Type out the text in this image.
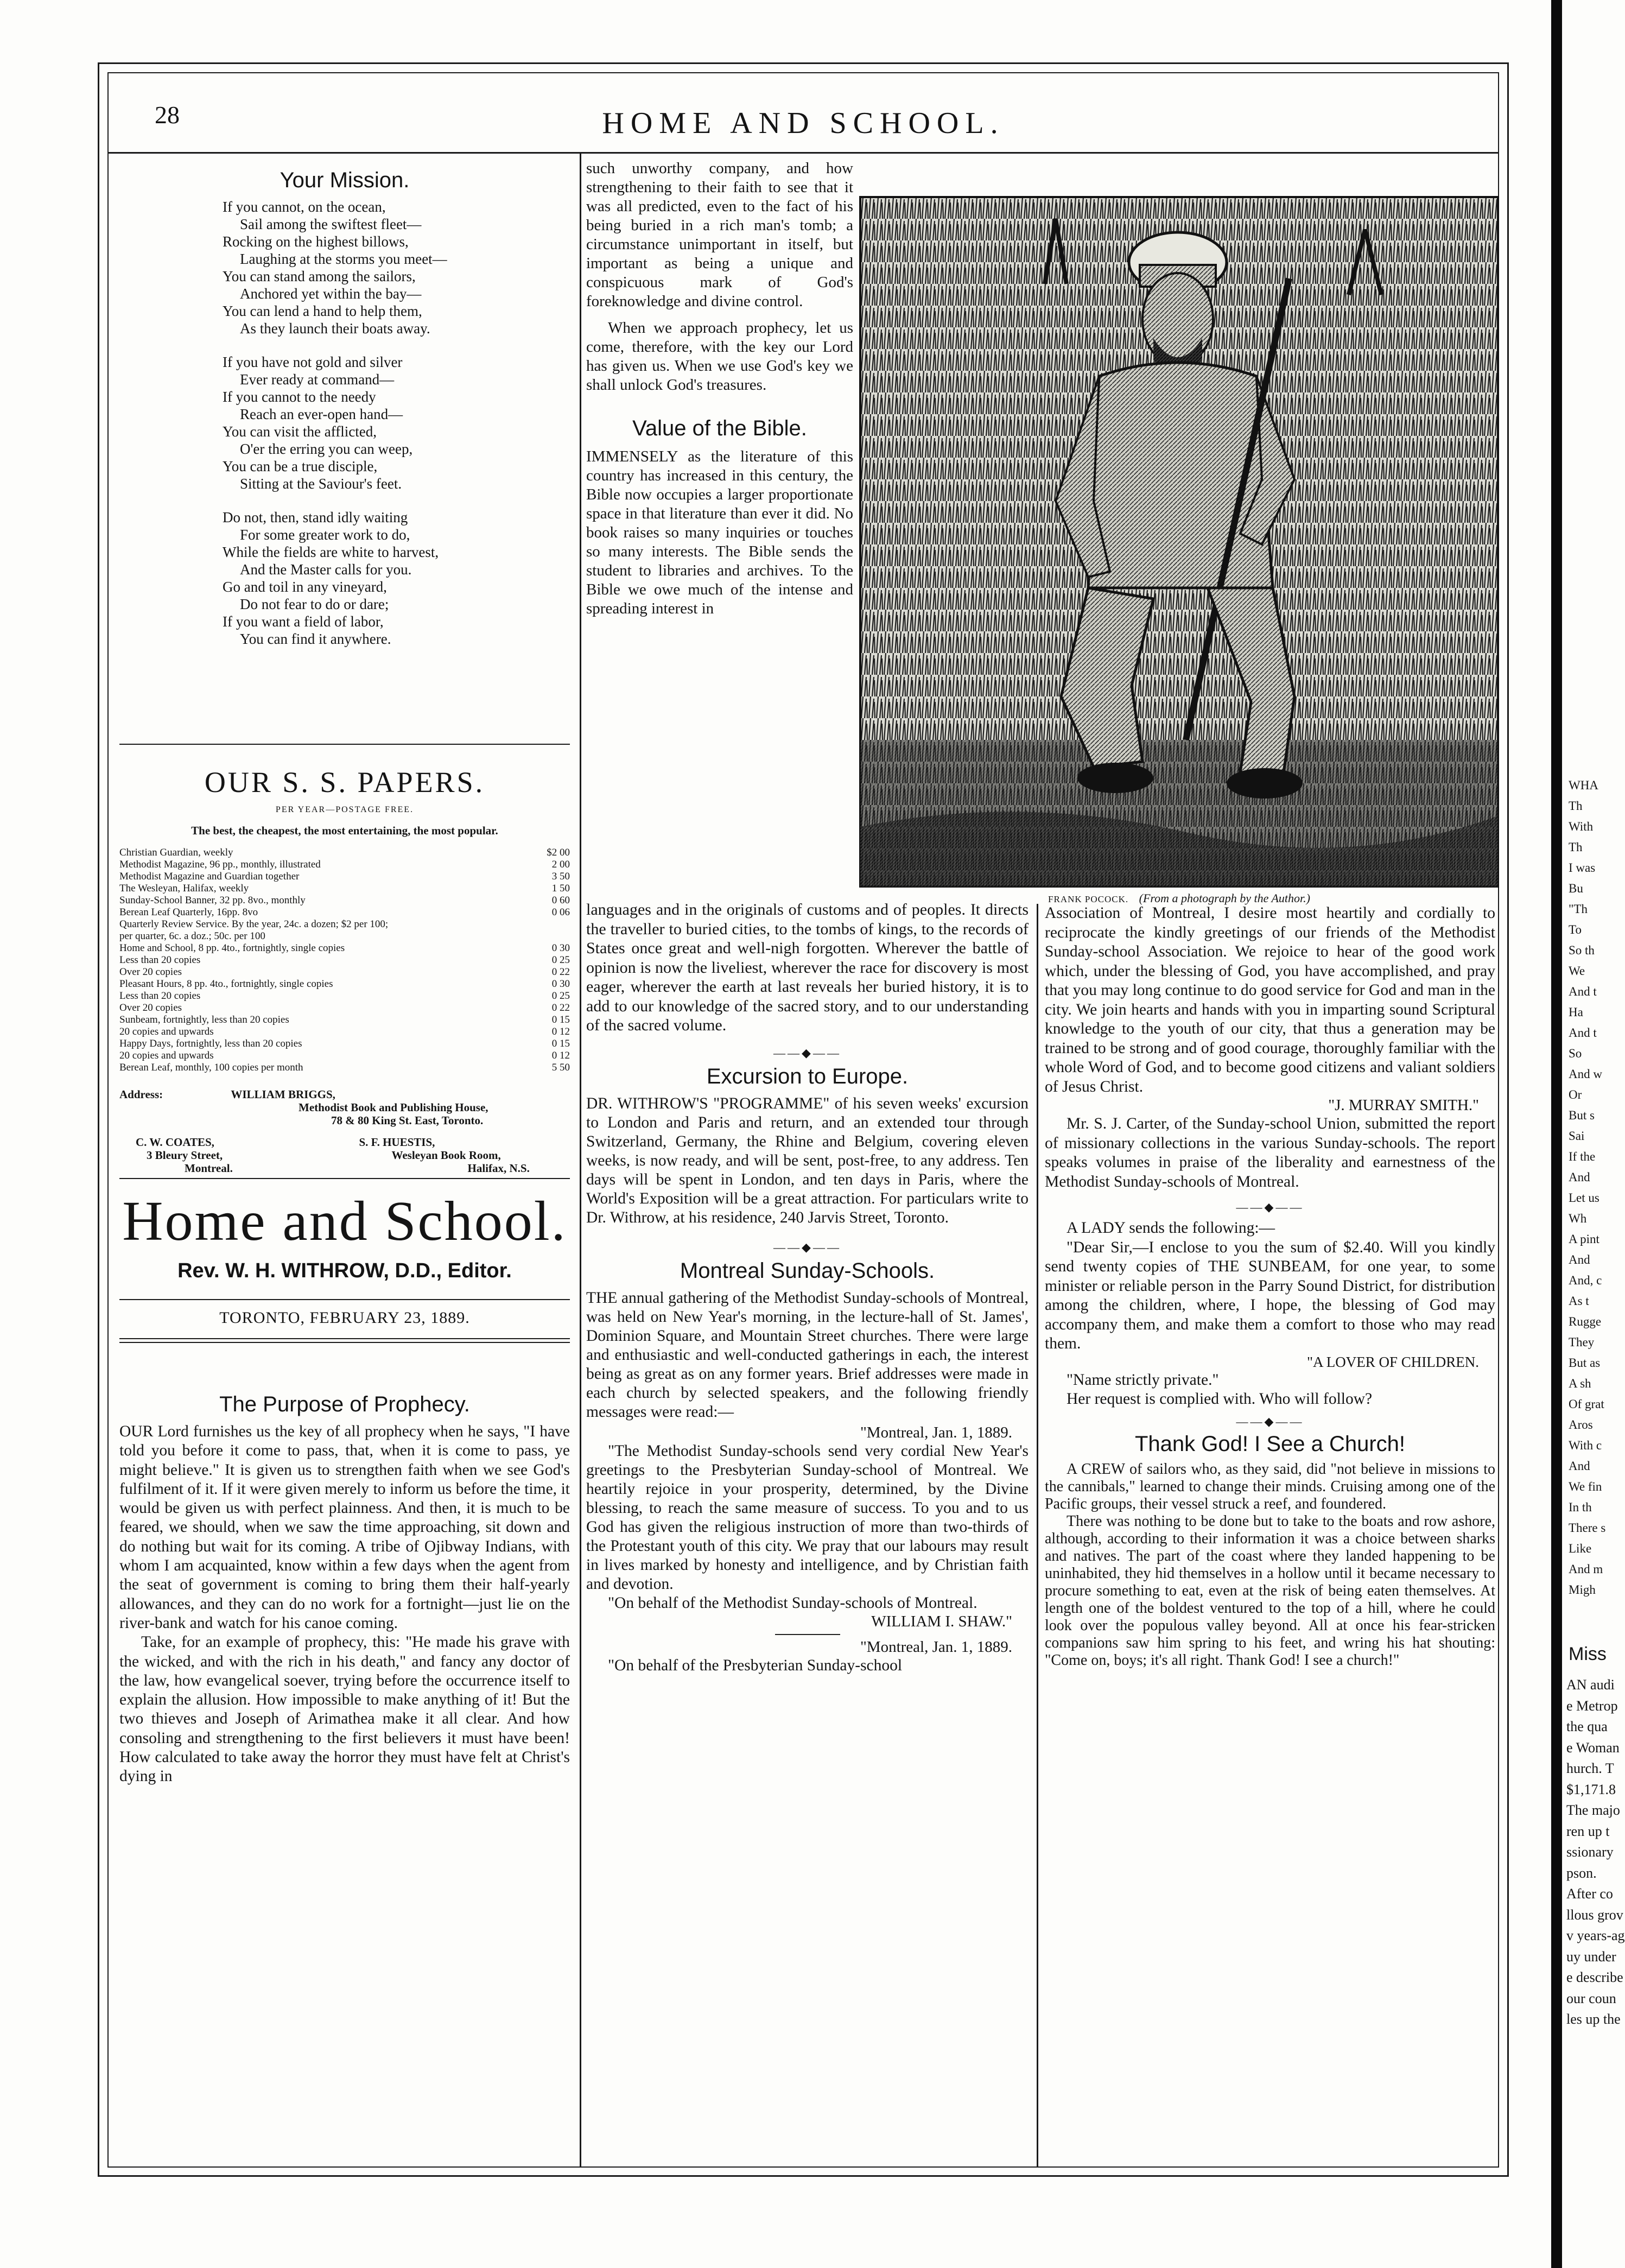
28	HOME AND SCHOOL.
Your Mission.
If you cannot, on the ocean,
Sail among the swiftest fleet—
Rocking on the highest billows,
Laughing at the storms you meet—
You can stand among the sailors,
Anchored yet within the bay—
You can lend a hand to help them,
As they launch their boats away.
If you have not gold and silver
Ever ready at command—
If you cannot to the needy
Reach an ever-open hand—
You can visit the afflicted,
O'er the erring you can weep,
You can be a true disciple,
Sitting at the Saviour's feet.
Do not, then, stand idly waiting
For some greater work to do,
While the fields are white to harvest,
And the Master calls for you.
Go and toil in any vineyard,
Do not fear to do or dare;
If you want a field of labor,
You can find it anywhere.
OUR S. S. PAPERS.
PER YEAR—POSTAGE FREE.
The best, the cheapest, the most entertaining, the most popular.
Christian Guardian, weekly	$2 00
Methodist Magazine, 96 pp., monthly, illustrated	2 00
Methodist Magazine and Guardian together	3 50
The Wesleyan, Halifax, weekly	1 50
Sunday-School Banner, 32 pp. 8vo., monthly	0 60
Berean Leaf Quarterly, 16pp. 8vo	0 06
Quarterly Review Service. By the year, 24c. a dozen; $2 per 100;
per quarter, 6c. a doz.; 50c. per 100
Home and School, 8 pp. 4to., fortnightly, single copies	0 30
Less than 20 copies	0 25
Over 20 copies	0 22
Pleasant Hours, 8 pp. 4to., fortnightly, single copies	0 30
Less than 20 copies	0 25
Over 20 copies	0 22
Sunbeam, fortnightly, less than 20 copies	0 15
20 copies and upwards	0 12
Happy Days, fortnightly, less than 20 copies	0 15
20 copies and upwards	0 12
Berean Leaf, monthly, 100 copies per month	5 50
Address:	WILLIAM BRIGGS,
Methodist Book and Publishing House,
78 & 80 King St. East, Toronto.
C. W. COATES,
3 Bleury Street,
Montreal.
S. F. HUESTIS,
Wesleyan Book Room,
Halifax, N.S.
Home and School.
Rev. W. H. WITHROW, D.D., Editor.
TORONTO, FEBRUARY 23, 1889.
The Purpose of Prophecy.

OUR Lord furnishes us the key of all prophecy when he says, "I have told you before it come to pass, that, when it is come to pass, ye might believe." It is given us to strengthen faith when we see God's fulfilment of it. If it were given merely to inform us before the time, it would be given us with perfect plainness. And then, it is much to be feared, we should, when we saw the time approaching, sit down and do nothing but wait for its coming. A tribe of Ojibway Indians, with whom I am acquainted, know within a few days when the agent from the seat of government is coming to bring them their half-yearly allowances, and they can do no work for a fortnight—just lie on the river-bank and watch for his canoe coming.

Take, for an example of prophecy, this: "He made his grave with the wicked, and with the rich in his death," and fancy any doctor of the law, how evangelical soever, trying before the occurrence itself to explain the allusion. How impossible to make anything of it! But the two thieves and Joseph of Arimathea make it all clear. And how consoling and strengthening to the first believers it must have been! How calculated to take away the horror they must have felt at Christ's dying in

such unworthy company, and how strengthening to their faith to see that it was all predicted, even to the fact of his being buried in a rich man's tomb; a circumstance unimportant in itself, but important as being a unique and conspicuous mark of God's foreknowledge and divine control.

When we approach prophecy, let us come, therefore, with the key our Lord has given us. When we use God's key we shall unlock God's treasures.

Value of the Bible.

IMMENSELY as the literature of this country has increased in this century, the Bible now occupies a larger proportionate space in that literature than ever it did. No book raises so many inquiries or touches so many interests. The Bible sends the student to libraries and archives. To the Bible we owe much of the intense and spreading interest in

FRANK POCOCK. (From a photograph by the Author.)

languages and in the originals of customs and of peoples. It directs the traveller to buried cities, to the tombs of kings, to the records of States once great and well-nigh forgotten. Wherever the battle of opinion is now the liveliest, wherever the race for discovery is most eager, wherever the earth at last reveals her buried history, it is to add to our knowledge of the sacred story, and to our understanding of the sacred volume.

——◆——
Excursion to Europe.

DR. WITHROW'S "PROGRAMME" of his seven weeks' excursion to London and Paris and return, and an extended tour through Switzerland, Germany, the Rhine and Belgium, covering eleven weeks, is now ready, and will be sent, post-free, to any address. Ten days will be spent in London, and ten days in Paris, where the World's Exposition will be a great attraction. For particulars write to Dr. Withrow, at his residence, 240 Jarvis Street, Toronto.

——◆——
Montreal Sunday-Schools.

THE annual gathering of the Methodist Sunday-schools of Montreal, was held on New Year's morning, in the lecture-hall of St. James', Dominion Square, and Mountain Street churches. There were large and enthusiastic and well-conducted gatherings in each, the interest being as great as on any former years. Brief addresses were made in each church by selected speakers, and the following friendly messages were read:—

"Montreal, Jan. 1, 1889.

"The Methodist Sunday-schools send very cordial New Year's greetings to the Presbyterian Sunday-school of Montreal. We heartily rejoice in your prosperity, determined, by the Divine blessing, to reach the same measure of success. To you and to us God has given the religious instruction of more than two-thirds of the Protestant youth of this city. We pray that our labours may result in lives marked by honesty and intelligence, and by Christian faith and devotion.

"On behalf of the Methodist Sunday-schools of Montreal.

WILLIAM I. SHAW."
"Montreal, Jan. 1, 1889.

"On behalf of the Presbyterian Sunday-school

Association of Montreal, I desire most heartily and cordially to reciprocate the kindly greetings of our friends of the Methodist Sunday-school Association. We rejoice to hear of the good work which, under the blessing of God, you have accomplished, and pray that you may long continue to do good service for God and man in the city. We join hearts and hands with you in imparting sound Scriptural knowledge to the youth of our city, that thus a generation may be trained to be strong and of good courage, thoroughly familiar with the whole Word of God, and to become good citizens and valiant soldiers of Jesus Christ.

"J. MURRAY SMITH."

Mr. S. J. Carter, of the Sunday-school Union, submitted the report of missionary collections in the various Sunday-schools. The report speaks volumes in praise of the liberality and earnestness of the Methodist Sunday-schools of Montreal.

——◆——

A LADY sends the following:—

"Dear Sir,—I enclose to you the sum of $2.40. Will you kindly send twenty copies of THE SUNBEAM, for one year, to some minister or reliable person in the Parry Sound District, for distribution among the children, where, I hope, the blessing of God may accompany them, and make them a comfort to those who may read them.

"A LOVER OF CHILDREN.

"Name strictly private."

Her request is complied with. Who will follow?

——◆——
Thank God! I See a Church!

A CREW of sailors who, as they said, did "not believe in missions to the cannibals," learned to change their minds. Cruising among one of the Pacific groups, their vessel struck a reef, and foundered.

There was nothing to be done but to take to the boats and row ashore, although, according to their information it was a choice between sharks and natives. The part of the coast where they landed happening to be uninhabited, they hid themselves in a hollow until it became necessary to procure something to eat, even at the risk of being eaten themselves. At length one of the boldest ventured to the top of a hill, where he could look over the populous valley beyond. All at once his fear-stricken companions saw him spring to his feet, and wring his hat shouting: "Come on, boys; it's all right. Thank God! I see a church!"

WHA
Th
With
Th
I was
Bu
"Th
To
So th
We
And t
Ha
And t
So
And w
Or
But s
Sai
If the
And
Let us
Wh
A pint
And
And, c
As t
Rugge
They
But as
A sh
Of grat
Aros
With c
And
We fin
In th
There s
Like
And m
Migh
Miss
AN audi
e Metrop
the qua
e Woman
hurch. T
$1,171.8
The majo
ren up t
ssionary
pson.
After co
llous grov
v years-ag
uy under
e describe
our coun
les up the
